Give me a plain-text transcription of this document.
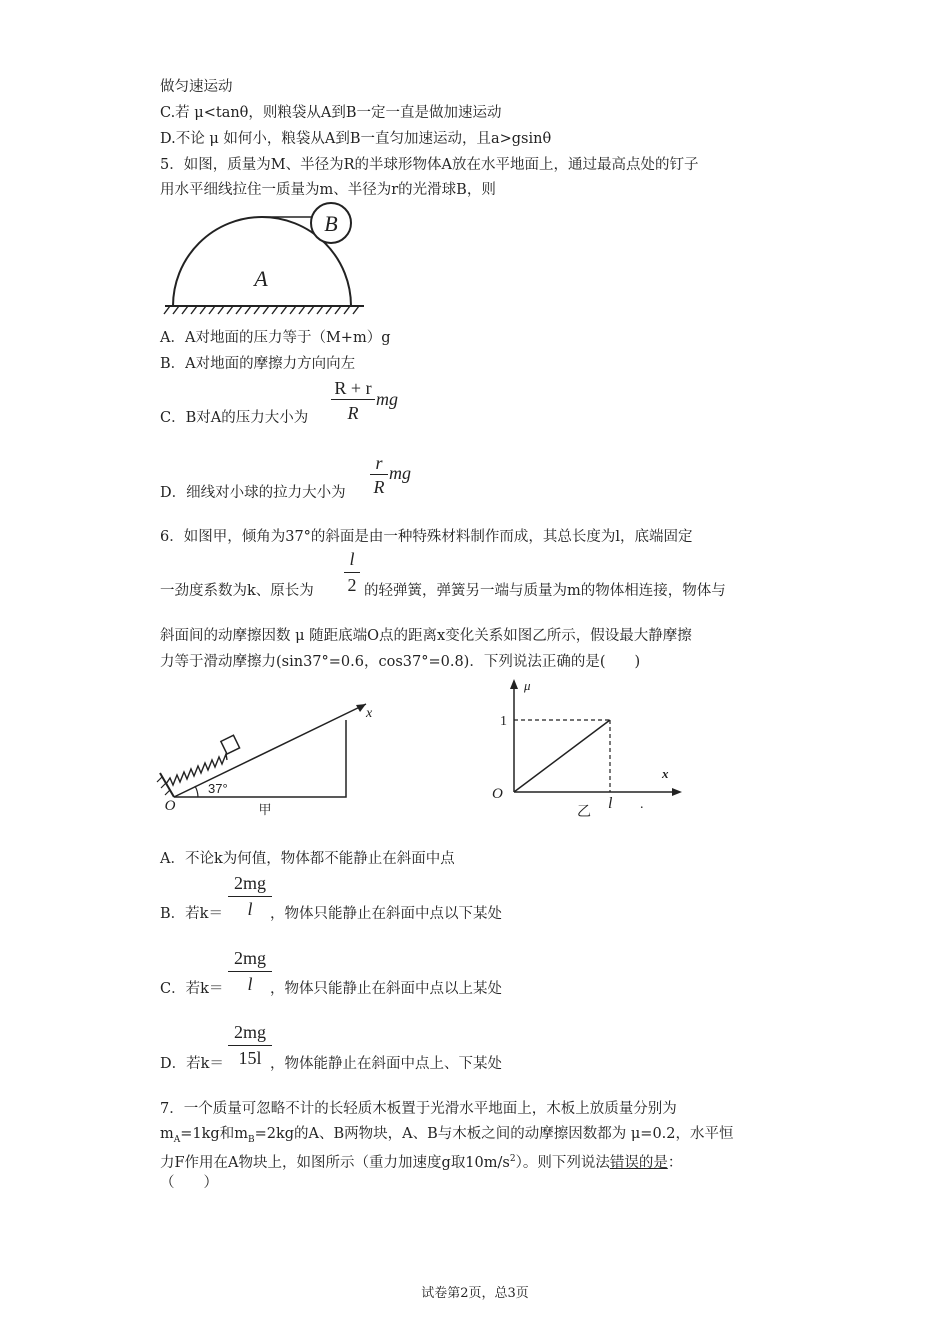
做匀速运动
C.若 μ<tanθ，则粮袋从A到B一定一直是做加速运动
D.不论 μ 如何小，粮袋从A到B一直匀加速运动，且a>gsinθ
5．如图，质量为M、半径为R的半球形物体A放在水平地面上，通过最高点处的钉子
用水平细线拉住一质量为m、半径为r的光滑球B，则
B
A
A．A对地面的压力等于（M+m）g
B．A对地面的摩擦力方向向左
C．B对A的压力大小为
R + r
R
mg
D．细线对小球的拉力大小为
r
R
mg
6．如图甲，倾角为37°的斜面是由一种特殊材料制作而成，其总长度为l，底端固定
一劲度系数为k、原长为
l
2 的轻弹簧，弹簧另一端与质量为m的物体相连接，物体与
斜面间的动摩擦因数 μ 随距底端O点的距离x变化关系如图乙所示，假设最大静摩擦
力等于滑动摩擦力(sin37°=0.6，cos37°=0.8)．下列说法正确的是(　　)
37°
O
x
甲
μ
x
1
O
l
乙	.
A．不论k为何值，物体都不能静止在斜面中点
B．若k＝
2mg
l	，物体只能静止在斜面中点以下某处
C．若k＝
2mg
l	，物体只能静止在斜面中点以上某处
D．若k＝
2mg
15l ，物体能静止在斜面中点上、下某处
7．一个质量可忽略不计的长轻质木板置于光滑水平地面上，木板上放质量分别为
$m_A=1kg$和$m_B=2kg$的A、B两物块，A、B与木板之间的动摩擦因数都为 μ=0.2，水平恒
力F作用在A物块上，如图所示（重力加速度g取$10m/s^2$）。则下列说法错误的是：
（　　）
试卷第2页，总3页
